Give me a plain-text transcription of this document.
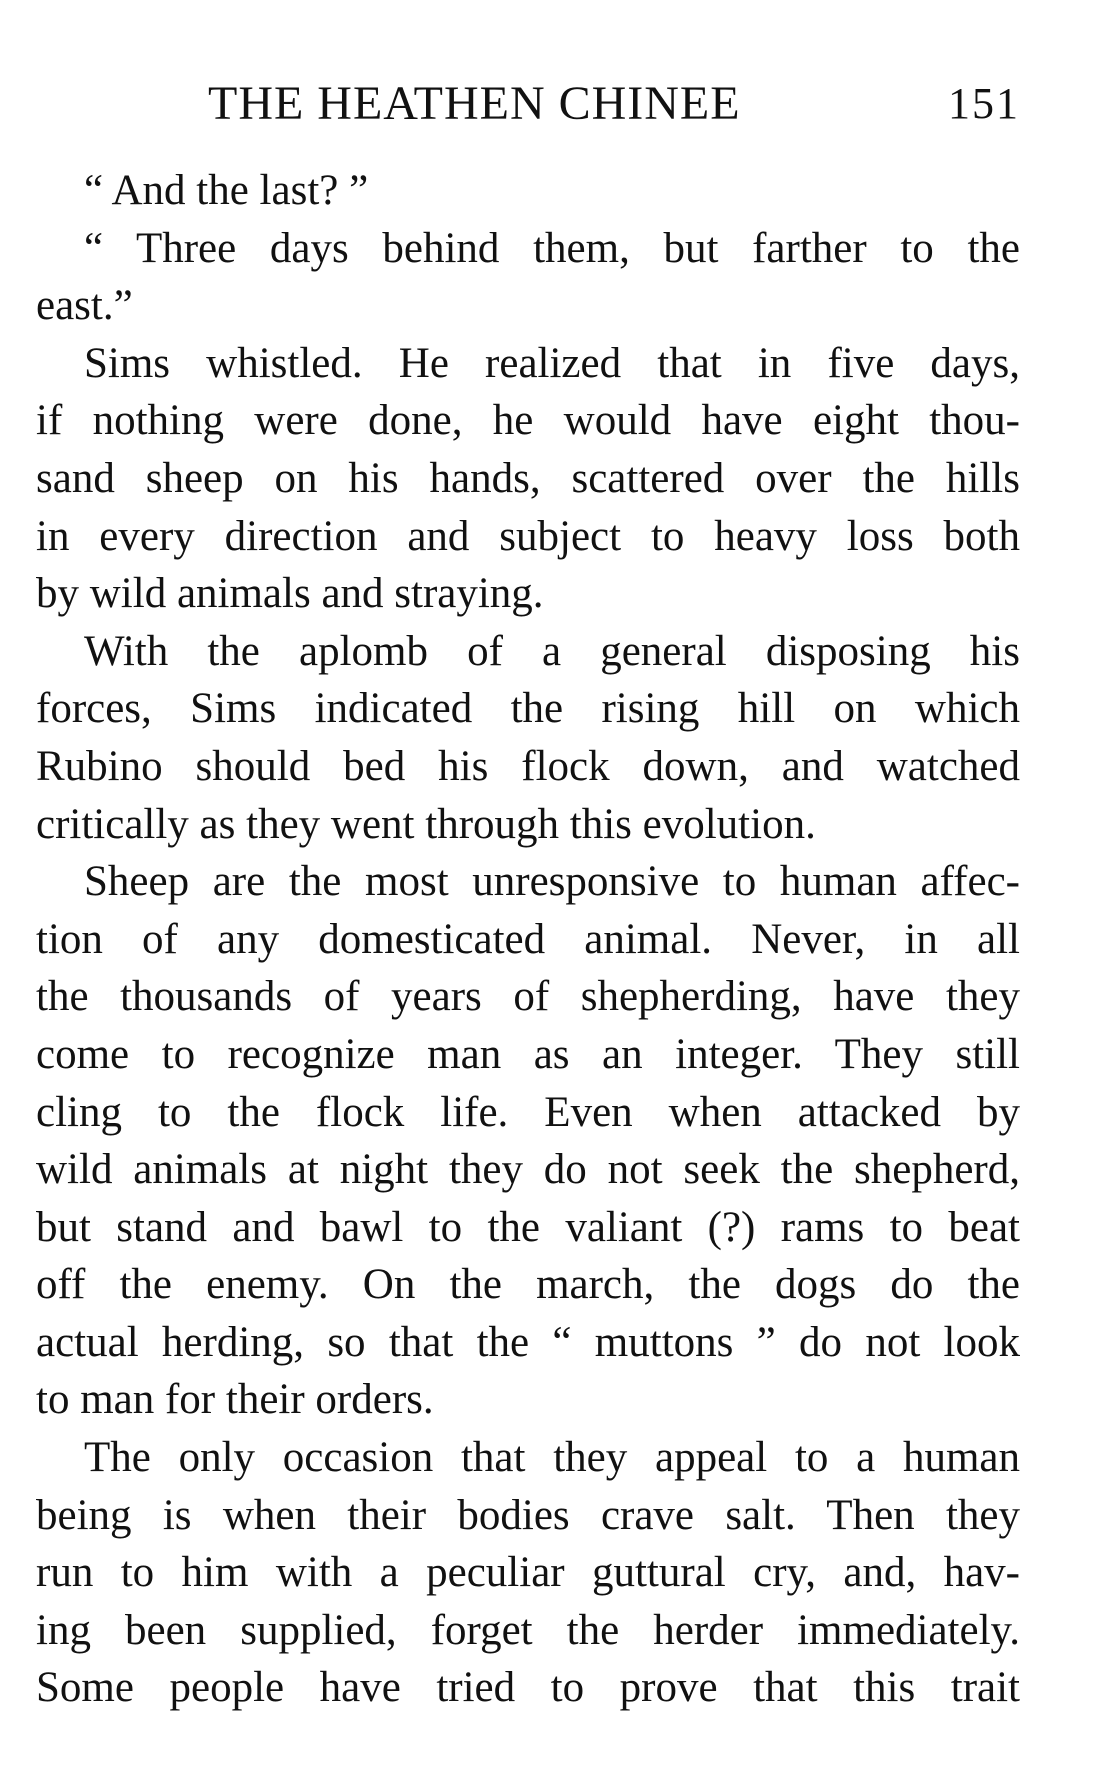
THE HEATHEN CHINEE	151
“ And the last? ”
“ Three days behind them, but farther to the
east.”
Sims whistled. He realized that in five days,
if nothing were done, he would have eight thou-
sand sheep on his hands, scattered over the hills
in every direction and subject to heavy loss both
by wild animals and straying.
With the aplomb of a general disposing his
forces, Sims indicated the rising hill on which
Rubino should bed his flock down, and watched
critically as they went through this evolution.
Sheep are the most unresponsive to human affec-
tion of any domesticated animal. Never, in all
the thousands of years of shepherding, have they
come to recognize man as an integer. They still
cling to the flock life. Even when attacked by
wild animals at night they do not seek the shepherd,
but stand and bawl to the valiant (?) rams to beat
off the enemy. On the march, the dogs do the
actual herding, so that the “ muttons ” do not look
to man for their orders.
The only occasion that they appeal to a human
being is when their bodies crave salt. Then they
run to him with a peculiar guttural cry, and, hav-
ing been supplied, forget the herder immediately.
Some people have tried to prove that this trait
